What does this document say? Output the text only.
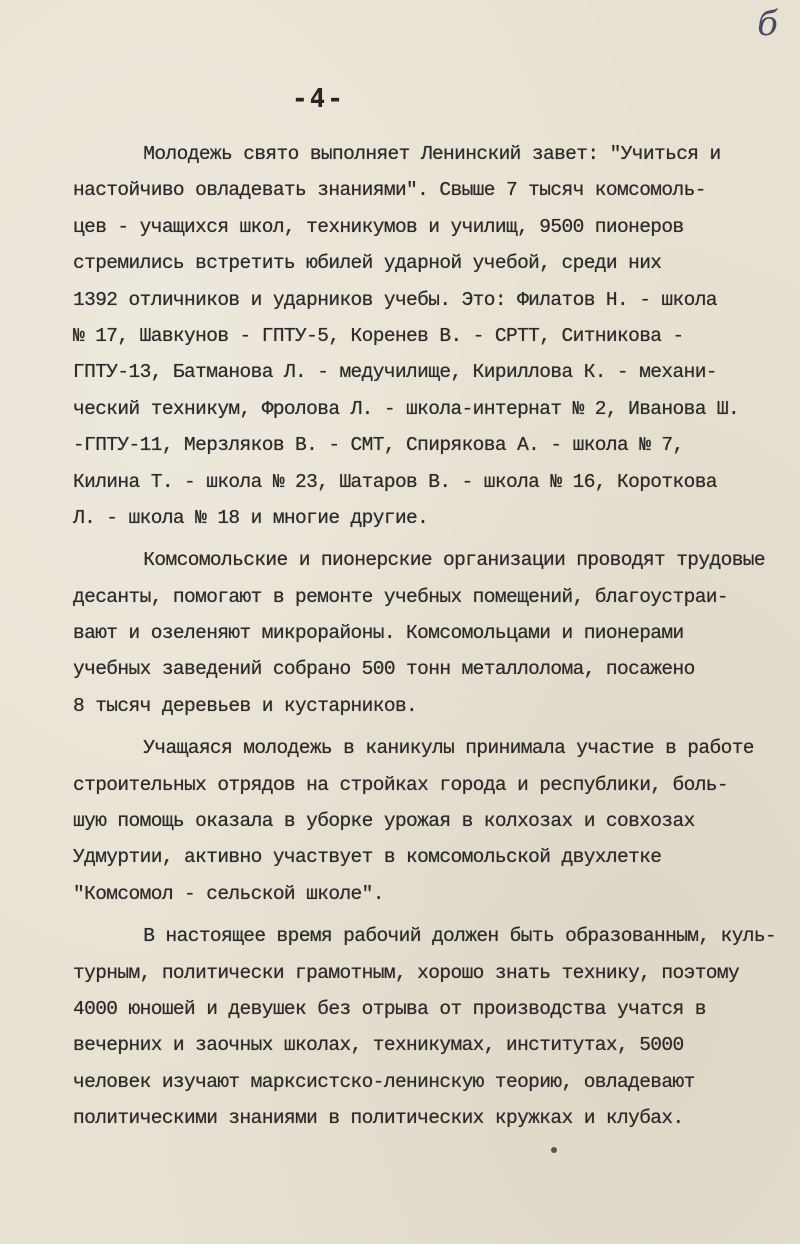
б
-4-
Молодежь свято выполняет Ленинский завет: "Учиться и
настойчиво овладевать знаниями". Свыше 7 тысяч комсомоль-
цев - учащихся школ, техникумов и училищ, 9500 пионеров
стремились встретить юбилей ударной учебой, среди них
1392 отличников и ударников учебы. Это: Филатов Н. - школа
№ 17, Шавкунов - ГПТУ-5, Коренев В. - СРТТ, Ситникова -
ГПТУ-13, Батманова Л. - медучилище, Кириллова К. - механи-
ческий техникум, Фролова Л. - школа-интернат № 2, Иванова Ш.
-ГПТУ-11, Мерзляков В. - СМТ, Спирякова А. - школа № 7,
Килина Т. - школа № 23, Шатаров В. - школа № 16, Короткова
Л. - школа № 18 и многие другие.
Комсомольские и пионерские организации проводят трудовые
десанты, помогают в ремонте учебных помещений, благоустраи-
вают и озеленяют микрорайоны. Комсомольцами и пионерами
учебных заведений собрано 500 тонн металлолома, посажено
8 тысяч деревьев и кустарников.
Учащаяся молодежь в каникулы принимала участие в работе
строительных отрядов на стройках города и республики, боль-
шую помощь оказала в уборке урожая в колхозах и совхозах
Удмуртии, активно участвует в комсомольской двухлетке
"Комсомол - сельской школе".
В настоящее время рабочий должен быть образованным, куль-
турным, политически грамотным, хорошо знать технику, поэтому
4000 юношей и девушек без отрыва от производства учатся в
вечерних и заочных школах, техникумах, институтах, 5000
человек изучают марксистско-ленинскую теорию, овладевают
политическими знаниями в политических кружках и клубах.
